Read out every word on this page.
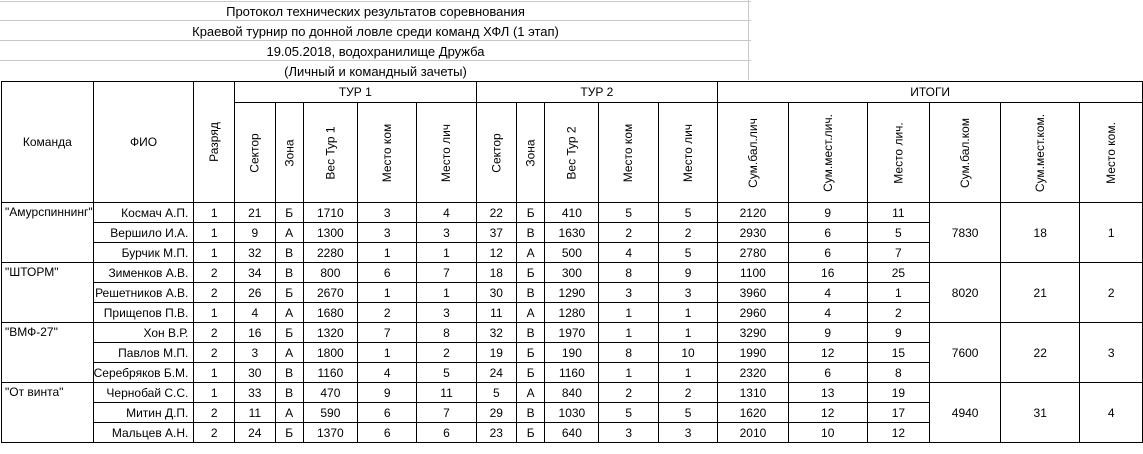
Протокол технических результатов соревнования
Краевой турнир по донной ловле среди команд ХФЛ (1 этап)
19.05.2018, водохранилище Дружба
(Личный и командный зачеты)
Команда	ФИО	Разряд	ТУР 1					ТУР 2					ИТОГИ					
			Сектор	Зона	Вес Тур 1	Место ком	Место лич	Сектор	Зона	Вес Тур 2	Место ком	Место лич	Сум.бал.лич	Сум.мест.лич.	Место лич.	Сум.бал.ком	Сум.мест.ком.	Место ком.
"Амурспиннинг"	Космач А.П.	1	21	Б	1710	3	4	22	Б	410	5	5	2120	9	11	7830	18	1
	Вершило И.А.	1	9	А	1300	3	3	37	В	1630	2	2	2930	6	5			
	Бурчик М.П.	1	32	В	2280	1	1	12	А	500	4	5	2780	6	7			
"ШТОРМ"	Зименков А.В.	2	34	В	800	6	7	18	Б	300	8	9	1100	16	25	8020	21	2
	Решетников А.В.	2	26	Б	2670	1	1	30	В	1290	3	3	3960	4	1			
	Прищепов П.В.	1	4	А	1680	2	3	11	А	1280	1	1	2960	4	2			
"ВМФ-27"	Хон В.Р.	2	16	Б	1320	7	8	32	В	1970	1	1	3290	9	9	7600	22	3
	Павлов М.П.	2	3	А	1800	1	2	19	Б	190	8	10	1990	12	15			
	Серебряков Б.М.	1	30	В	1160	4	5	24	Б	1160	1	1	2320	6	8			
"От винта"	Чернобай С.С.	1	33	В	470	9	11	5	А	840	2	2	1310	13	19	4940	31	4
	Митин Д.П.	2	11	А	590	6	7	29	В	1030	5	5	1620	12	17			
	Мальцев А.Н.	2	24	Б	1370	6	6	23	Б	640	3	3	2010	10	12			
